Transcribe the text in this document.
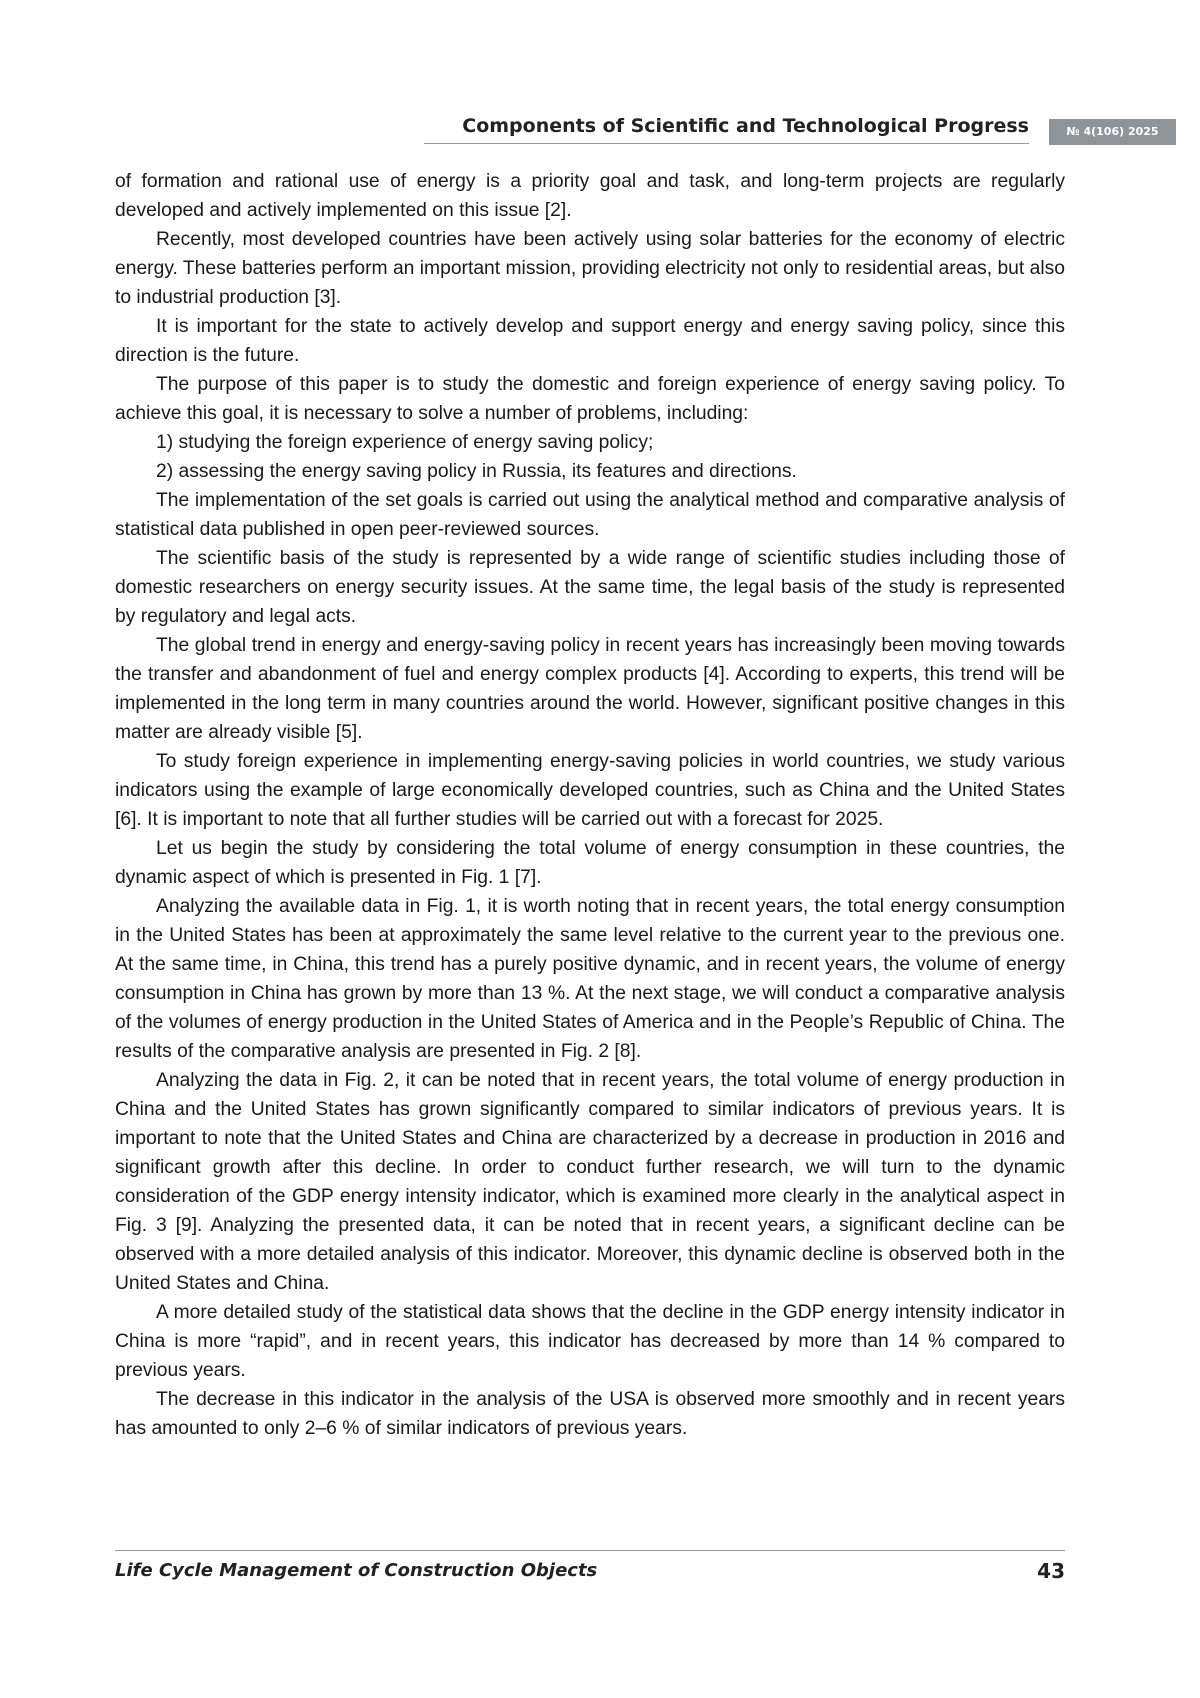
Components of Scientific and Technological Progress	№ 4(106) 2025

of formation and rational use of energy is a priority goal and task, and long-term projects are regularly developed and actively implemented on this issue [2].

Recently, most developed countries have been actively using solar batteries for the economy of electric energy. These batteries perform an important mission, providing electricity not only to residential areas, but also to industrial production [3].

It is important for the state to actively develop and support energy and energy saving policy, since this direction is the future.

The purpose of this paper is to study the domestic and foreign experience of energy saving policy. To achieve this goal, it is necessary to solve a number of problems, including:

1) studying the foreign experience of energy saving policy;

2) assessing the energy saving policy in Russia, its features and directions.

The implementation of the set goals is carried out using the analytical method and comparative analysis of statistical data published in open peer-reviewed sources.

The scientific basis of the study is represented by a wide range of scientific studies including those of domestic researchers on energy security issues. At the same time, the legal basis of the study is represented by regulatory and legal acts.

The global trend in energy and energy-saving policy in recent years has increasingly been moving towards the transfer and abandonment of fuel and energy complex products [4]. According to experts, this trend will be implemented in the long term in many countries around the world. However, significant positive changes in this matter are already visible [5].

To study foreign experience in implementing energy-saving policies in world countries, we study various indicators using the example of large economically developed countries, such as China and the United States [6]. It is important to note that all further studies will be carried out with a forecast for 2025.

Let us begin the study by considering the total volume of energy consumption in these countries, the dynamic aspect of which is presented in Fig. 1 [7].

Analyzing the available data in Fig. 1, it is worth noting that in recent years, the total energy consumption in the United States has been at approximately the same level relative to the current year to the previous one. At the same time, in China, this trend has a purely positive dynamic, and in recent years, the volume of energy consumption in China has grown by more than 13 %. At the next stage, we will conduct a comparative analysis of the volumes of energy production in the United States of America and in the People’s Republic of China. The results of the comparative analysis are presented in Fig. 2 [8].

Analyzing the data in Fig. 2, it can be noted that in recent years, the total volume of energy production in China and the United States has grown significantly compared to similar indicators of previous years. It is important to note that the United States and China are characterized by a decrease in production in 2016 and significant growth after this decline. In order to conduct further research, we will turn to the dynamic consideration of the GDP energy intensity indicator, which is examined more clearly in the analytical aspect in Fig. 3 [9]. Analyzing the presented data, it can be noted that in recent years, a significant decline can be observed with a more detailed analysis of this indicator. Moreover, this dynamic decline is observed both in the United States and China.

A more detailed study of the statistical data shows that the decline in the GDP energy intensity indicator in China is more “rapid”, and in recent years, this indicator has decreased by more than 14 % compared to previous years.

The decrease in this indicator in the analysis of the USA is observed more smoothly and in recent years has amounted to only 2–6 % of similar indicators of previous years.

Life Cycle Management of Construction Objects	43
